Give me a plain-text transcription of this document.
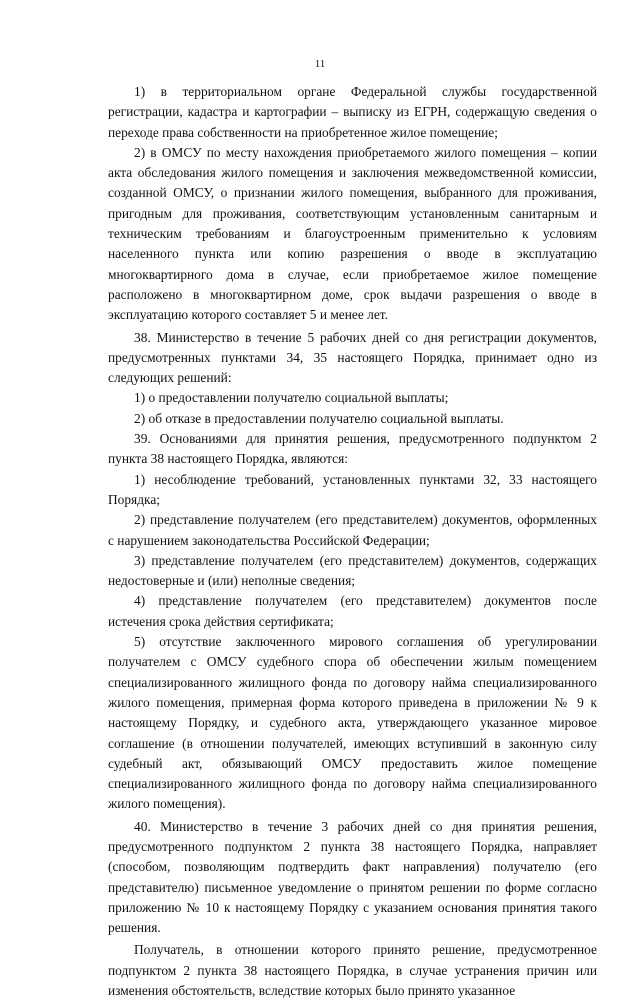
11

1) в территориальном органе Федеральной службы государственной регистрации, кадастра и картографии – выписку из ЕГРН, содержащую сведения о переходе права собственности на приобретенное жилое помещение;

2) в ОМСУ по месту нахождения приобретаемого жилого помещения – копии акта обследования жилого помещения и заключения межведомственной комиссии, созданной ОМСУ, о признании жилого помещения, выбранного для проживания, пригодным для проживания, соответствующим установленным санитарным и техническим требованиям и благоустроенным применительно к условиям населенного пункта или копию разрешения о вводе в эксплуатацию многоквартирного дома в случае, если приобретаемое жилое помещение расположено в многоквартирном доме, срок выдачи разрешения о вводе в эксплуатацию которого составляет 5 и менее лет.

38. Министерство в течение 5 рабочих дней со дня регистрации документов, предусмотренных пунктами 34, 35 настоящего Порядка, принимает одно из следующих решений:

1) о предоставлении получателю социальной выплаты;

2) об отказе в предоставлении получателю социальной выплаты.

39. Основаниями для принятия решения, предусмотренного подпунктом 2 пункта 38 настоящего Порядка, являются:

1) несоблюдение требований, установленных пунктами 32, 33 настоящего Порядка;

2) представление получателем (его представителем) документов, оформленных с нарушением законодательства Российской Федерации;

3) представление получателем (его представителем) документов, содержащих недостоверные и (или) неполные сведения;

4) представление получателем (его представителем) документов после истечения срока действия сертификата;

5) отсутствие заключенного мирового соглашения об урегулировании получателем с ОМСУ судебного спора об обеспечении жилым помещением специализированного жилищного фонда по договору найма специализированного жилого помещения, примерная форма которого приведена в приложении № 9 к настоящему Порядку, и судебного акта, утверждающего указанное мировое соглашение (в отношении получателей, имеющих вступивший в законную силу судебный акт, обязывающий ОМСУ предоставить жилое помещение специализированного жилищного фонда по договору найма специализированного жилого помещения).

40. Министерство в течение 3 рабочих дней со дня принятия решения, предусмотренного подпунктом 2 пункта 38 настоящего Порядка, направляет (способом, позволяющим подтвердить факт направления) получателю (его представителю) письменное уведомление о принятом решении по форме согласно приложению № 10 к настоящему Порядку с указанием основания принятия такого решения.

Получатель, в отношении которого принято решение, предусмотренное подпунктом 2 пункта 38 настоящего Порядка, в случае устранения причин или изменения обстоятельств, вследствие которых было принято указанное
